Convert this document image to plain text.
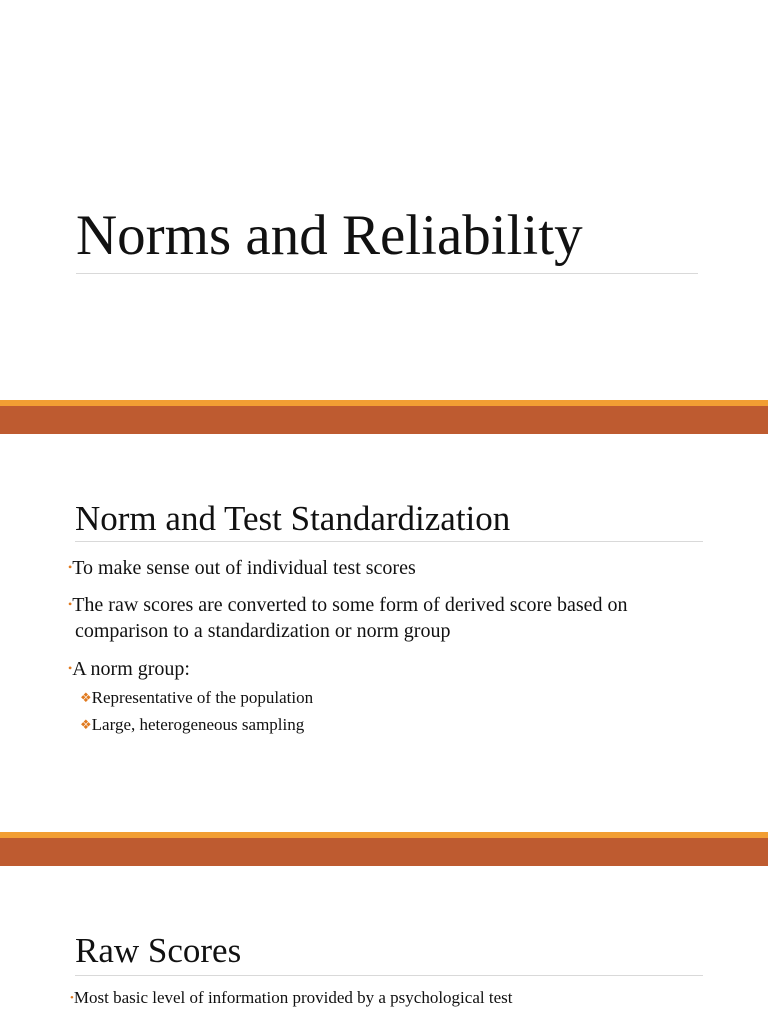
Norms and Reliability
Norm and Test Standardization
•To make sense out of individual test scores
•The raw scores are converted to some form of derived score based on
comparison to a standardization or norm group
•A norm group:
❖Representative of the population
❖Large, heterogeneous sampling
Raw Scores
•Most basic level of information provided by a psychological test
